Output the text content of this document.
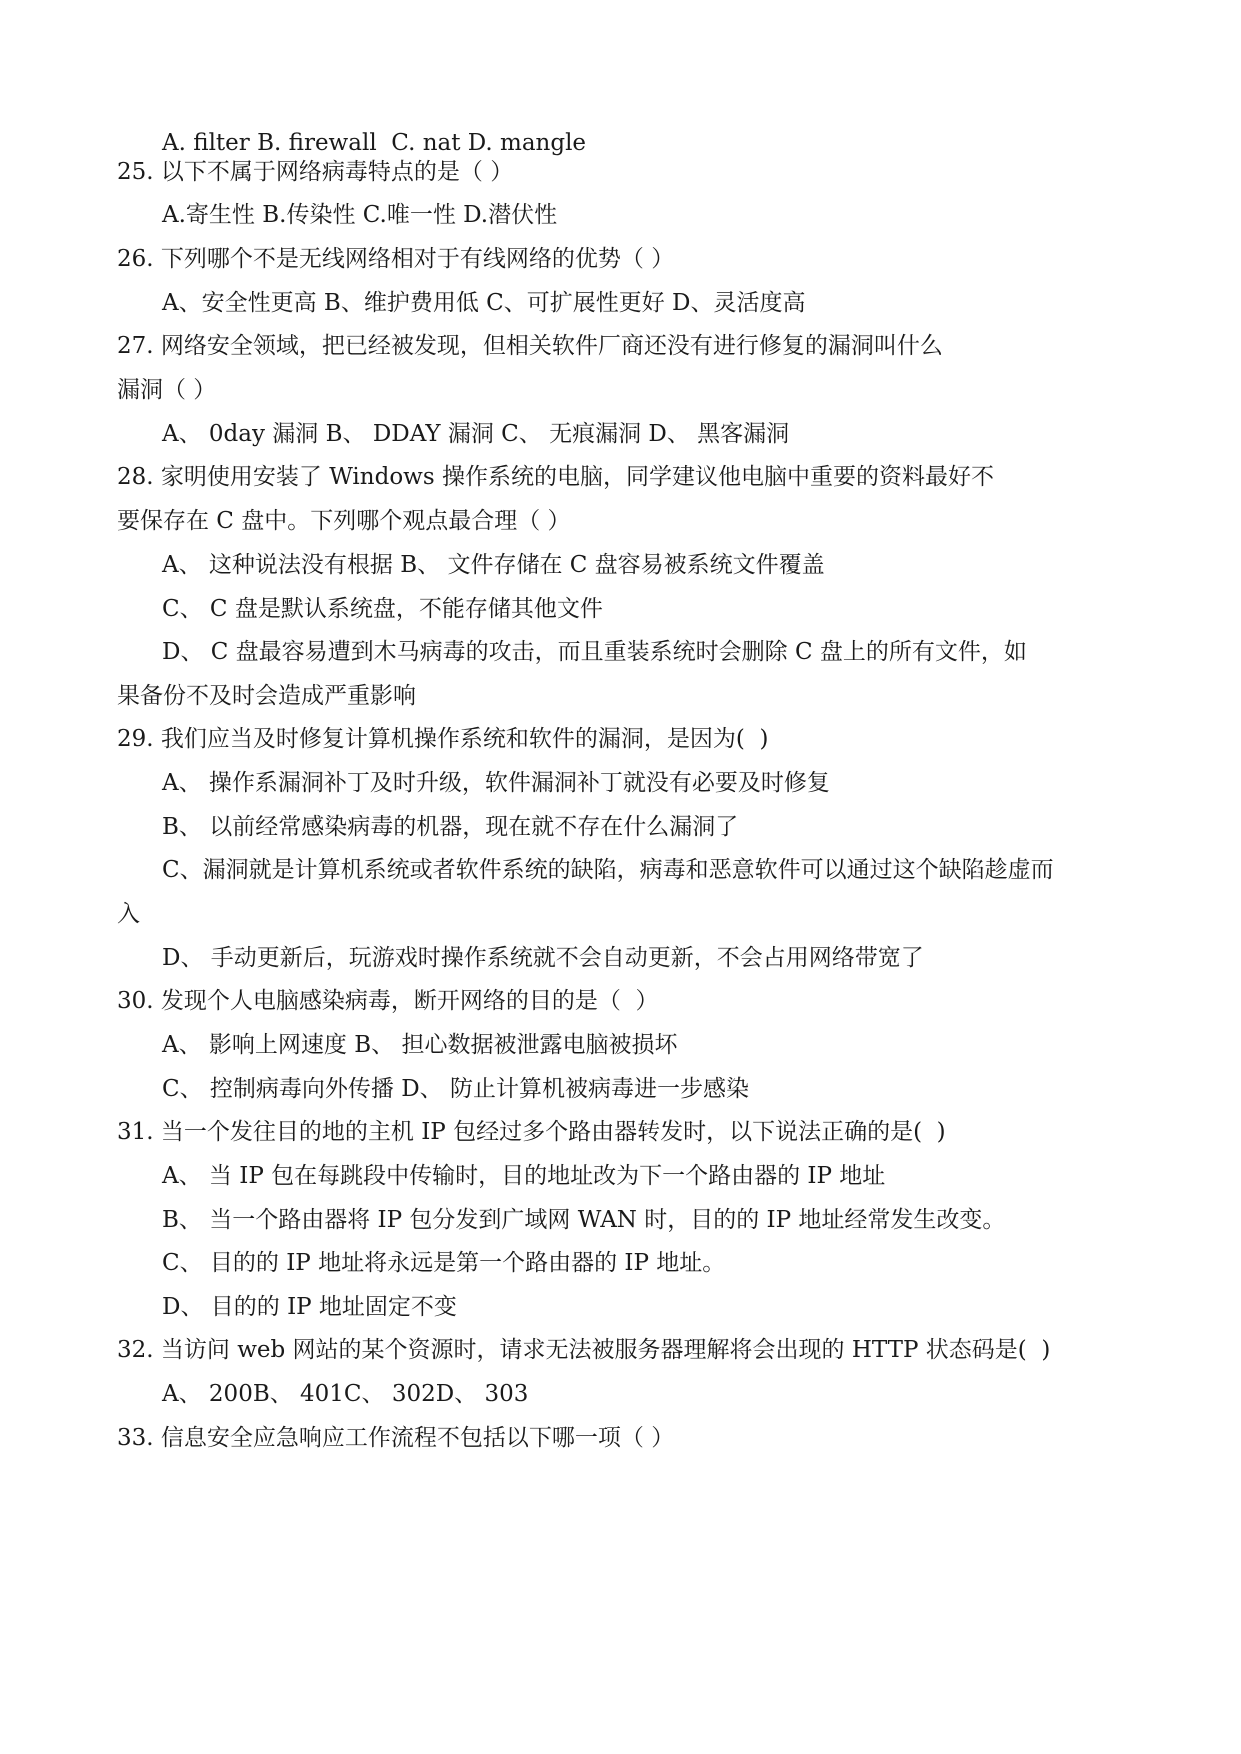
A. filter B. firewall  C. nat D. mangle
25. 以下不属于网络病毒特点的是（ ）
A.寄生性 B.传染性 C.唯一性 D.潜伏性
26. 下列哪个不是无线网络相对于有线网络的优势（ ）
A、安全性更高 B、维护费用低 C、可扩展性更好 D、灵活度高
27. 网络安全领域，把已经被发现，但相关软件厂商还没有进行修复的漏洞叫什么
漏洞（ ）
A、 0day 漏洞 B、 DDAY 漏洞 C、 无痕漏洞 D、 黑客漏洞
28. 家明使用安装了 Windows 操作系统的电脑，同学建议他电脑中重要的资料最好不
要保存在 C 盘中。下列哪个观点最合理（ ）
A、 这种说法没有根据 B、 文件存储在 C 盘容易被系统文件覆盖
C、 C 盘是默认系统盘，不能存储其他文件
D、 C 盘最容易遭到木马病毒的攻击，而且重装系统时会删除 C 盘上的所有文件，如
果备份不及时会造成严重影响
29. 我们应当及时修复计算机操作系统和软件的漏洞，是因为(  )
A、 操作系漏洞补丁及时升级，软件漏洞补丁就没有必要及时修复
B、 以前经常感染病毒的机器，现在就不存在什么漏洞了
C、漏洞就是计算机系统或者软件系统的缺陷，病毒和恶意软件可以通过这个缺陷趁虚而
入
D、 手动更新后，玩游戏时操作系统就不会自动更新，不会占用网络带宽了
30. 发现个人电脑感染病毒，断开网络的目的是（  ）
A、 影响上网速度 B、 担心数据被泄露电脑被损坏
C、 控制病毒向外传播 D、 防止计算机被病毒进一步感染
31. 当一个发往目的地的主机 IP 包经过多个路由器转发时，以下说法正确的是(  )
A、 当 IP 包在每跳段中传输时，目的地址改为下一个路由器的 IP 地址
B、 当一个路由器将 IP 包分发到广域网 WAN 时，目的的 IP 地址经常发生改变。
C、 目的的 IP 地址将永远是第一个路由器的 IP 地址。
D、 目的的 IP 地址固定不变
32. 当访问 web 网站的某个资源时，请求无法被服务器理解将会出现的 HTTP 状态码是(  )
A、 200B、 401C、 302D、 303
33. 信息安全应急响应工作流程不包括以下哪一项（ ）
